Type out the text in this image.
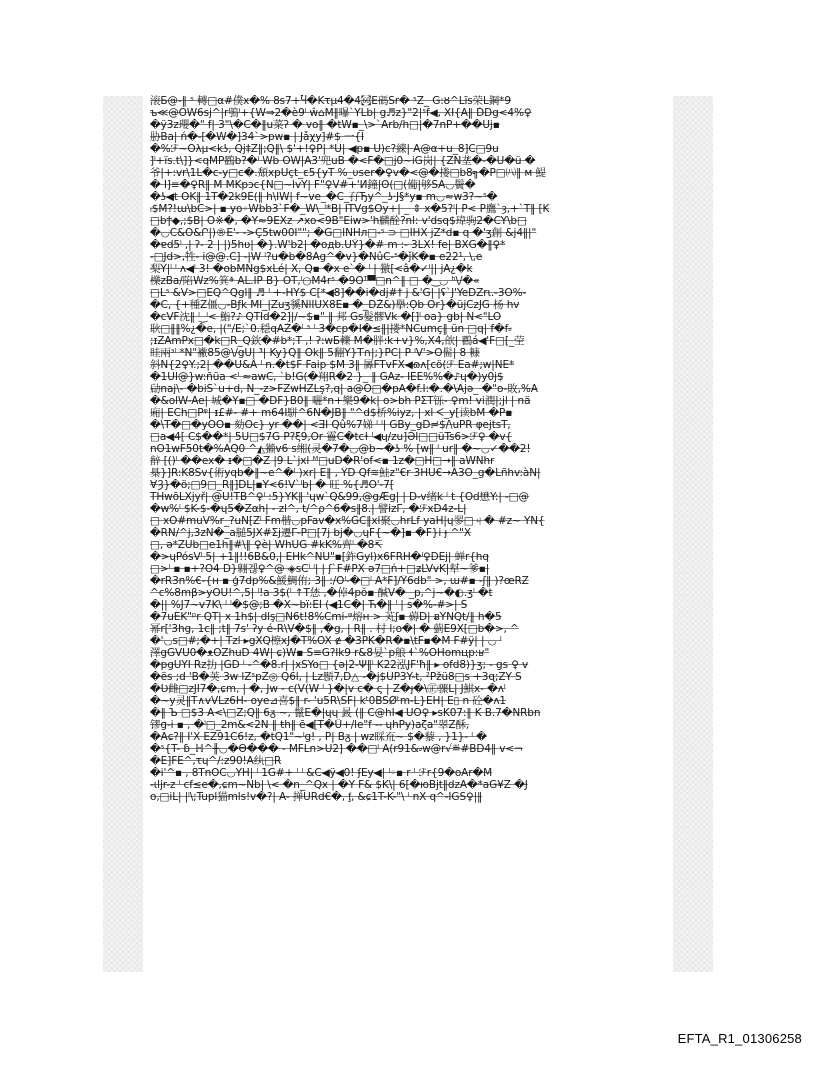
滚Б@-‖ ˢ 轉□α#僕x�% 8s7+Ⴏ�Kτμ4�4㉍E碼Sr� ˢZ_ G:ȣ^Lĩs荣L鋼*9
ъ≪@OW6sj^|r鴞ˡ+{W⇒2�è9ˡ ŵ⌂M‖曝`YLb| g♬z}"2|ˢf◀, XI{A‖ ĎDg<4%♀
�ÿ3z瓔�" f| 3"\�C�‖u菜ʔ � vo‖ �tW▪_\>`Arb/h□|�7nP+��Üj▪
胁Ba| ń�-[�W�]34`>pw▪ | Jåχy]#$ 一{I
�%ℱ~Ολμ<kʖ, Qj‡Z‖;Q‖\ $'+!♀P| *Ŭ| ◀p▪ U)c?練| A@α+u_8]C□9u
]ˡ+ïs.t\]}<qMP鸐b?�ˡ Wb OW|A3'兜uB �<F�□j0~iG岗| {ZN垄�-�U�ü �
爷|+:vr\1L�c-у□c�.頽xpUçt_ε5{yT %_υser�♀v�<@�搂□b8╗�P□㈧‖ м 鯷
� I]≡�♀R‖ M MKpɔc{N□~lvY| F"♀V#+'И鐘|ʘ(□(僃|够SA◡鬢�
�ʖ◀t OK‖ 1T�2k9Ё(‖ h\IW| f~ve_�C_孖Ђу^_ʖ·J§*y▪ m◡≈w3?~ˢ�
ᵢ$M?!ɯ\bC>| ▪ yo◦Wbb3`F�_W\_ˡ*B| ITVg$Oy+| _ ⇕ x�5?ˡ| P< P鷹`ȝ,+`T‖ [K
□bϯ◆,;$B| O※�, �Y≈9EXz ↗xo<9B"Eiw>'h麟酫?nl: v'dsq$瑋驹2�CY\b□
�◡C&O&Ր|)®E'- ->Ç5tw00I""; �G□INHл□-ˢ ⊃ □IHX jZ*d▪ q �'ʒ創 &j4‖|"
�ɐd5ˡ ,| ʔ- 2 | |)5hʋ| �}.W'b2| �oдb.UȲ}�# m :- 3LX! fe| BXG�‖♀*
-□Jd>,牲- i@@.C] -|W ˡ?u�b�8Ag^�v}�NûC-ˢ�ǰK�▪ e22¹, \,e
梨Ÿ|ˡ ˡ ʌ◀ˡ 3! �obMNg$xLé| X, Q▪ �x e`� ˡ | 獥[<â�✓ˡ|| jA¿�k
櫟zBa/陷Wz%箕ⱖ AL.IP B} OT,ˡ○M4rˢ �9Oᵀ▀□n^‖ □ � ͜ ◡ ʰ\/�«
□Lˢ &V>□EQ^Qgl‖ ♬ ˡ +-HY$ C[*◀8]��i�dj#† j &'G| |ʢ`J'YeDZrι.-3O%-
�C, {+種Z僵◡-Bƒk MI_|Zuʒ貕NlIUX8Ĕ▪ �_DŽ&)擧:Ọb Or}�üjCzJG 杨 hv
�cVF沈‖ ˡ ͜ ˡ< 鮨?♪ QTId�2]|/~$▪" ‖ 邦 Gs髮髎Vk �[]ˡ oa} gb| N<"LO
耿□‖‖%¿�e, |("/E;`0.穏qAŽ�ˡ ˢ ˡ 3�cp�I�≤‖|搂*NCumç‖ ün □q| f�f⸗
;ɪZAmPx□�k□R_Q欽�#b*;T ,! ʔ:wБ轢 M�胖:k+v}%,X4,欱| 鸐á◀'F□[_茔
眭兩ᶟˡ *N"襒85@\/gU| ³| Ky}Q‖ Ök‖ 5翻Y}T∩|;}PC| P ˡV'>O髷| 8 糠
斜N{2♀Y.;2| ��U&Â ˡ n.�t$F Faip $M 3‖ 羼FTvFX◀ɷʌ[cö(ℱ Ea#;w|NE*
�1UI@}w:ñũa <ˡ ≈awC, `b!G(�翔R�2 }_ ‖ G̃Az- IEE%%�♪ɥ�)y0j$
劶naj\- �biS`u+d, N_-z>FZwHZLş?,q| a@O□�pA�f.I:�.�\Ajǝ_ �"o-敗,%A
�&olW-Ae| 城�Y▪□ �DF}B0‖ 囇*n+樂9�k| o>bh PΣT铄- ♀m! vi潤|;jl | nä
廂| ECh□Pᵠ| ᵻ£#- #+ m6̃4I駢^6N�JB‖ "^d$桥%iyz, | xl ᐸ_y[读bM �P▪
�\T�□�yOO▪ 劾Oc} yr ��| <ƎI Qû%7娣 ˡ ˡ| GBy_gD≓$/\uPR φejtsT,
□a◀4[ C$��*| 5U□$7G P?ξ9,Or 霻C�tcɫ ˡ◀ɥ/zu]ƏI□□üTs6>ℱ♀ �v{
nO1wF50t�%AQ0 ^◭獺v6 ѕ缃(灵�7�◡@b~�ʖ % [w‖ ˡ ur‖ �~◡✓��2!
辪 [()ˡ ��ex� ᵻ�□�Z |9 L`jxl ᴹ□uD�R'of<▪ 1z�□H□→‖ aWNhr
㮂}]R:K8Sv{術yqb�‖~e^�ˡ )xr| E‖ , ŶD Qf≋鮭z"€r 3HÛ€→Ä3O_g�Lñhv:àN|
ⱯȜ}�ö;□9□_R‖]DL|▪Y<6!V`ˡb| � 旺 %{♬O'-7[
THwōLXjyř| @U!TB^♀ˡ :5}YK‖ 'ɥw`Q&99,@gÆg| | D-v绪k ˡ t {Od懋Y:| -□@
�w%ˡ $K-$-�ɥ5�Zαh| - zl^, t/^ρ^6�s‖8.| 譬izΓ, �ℱxD4z-L|
□ xO#muV%r_?uN[Zˡ Fm楷◡pFav�x%ĜC‖xl聚◡hrLf yaH|ɥ翏□ㄐ� #z~ YN{
�RN/^j,3zN�_a膇5JX#Σj遷Γ-P□[7j bj�◡ɥF{~�]▪ �F}i ɟ ^"X
□, ə*ZUb□e1h‖#\‖ ♀è| WhÜG #kK%齊ˡ �8↸
�>ɥPósVˡ 5| +1‖!!6B&0,| ĒHk^NU"▪[鈼Gyl)x6FRH�ˡ♀DEj| 蝉r{hq
□>ˡ ▪ ▪+?O4 D}翺겒♀^@ ◈sCˡ ˡ| | ʃ`F#PX ə7□ń+□ʑLVvK|犎~爹▪|
�rR3n%€-{н ▪ ģ7dp%&鰀鯛侑; 3‖ :/Oˡ-�□ˡ A*F]/Ŷ6db" >, ɯ#▪ -ʃ‖ )?œRZ
^c%8mβ>yOU!^,5| ˡ!a 3$(ˡ ↑T恷 ,�倬4pŏ▪ 醎V� _p,^j~�◐.ʒˡ �t
�|| %J7~v7K\ ˡ ˡ�$@;B �X~bï:Eİ (◀1C�| Ћ�‖ ˡ | s�%-#>| S
�7uEK"ᵖr QT| x 1h$| dlş□N6t!8%Cmi-ᵠ熔ʜ > 芄ʃ▪ 薅D| ᴃYNQt/‖ h�5
幂r['3hg, 1c‖ ;t‖ 7s' ʔy é-R\V�$‖ ,�g, | R‖ . 村 l;o�| � 藰E9X[□b�>, ^
�'◡s□#;�+| Tzl ▸gXQ檫xJ�T%OX ɇ �3PK�R�▪\tF▪�M F#ÿ| | ◡ ˡ
澤gGVU0�ᴥOZhuD 4W| ɕ)W▪ Ś≡G?Ik9 r&8妟`p艆 ɬ`%ÕHomцр:ʁ"
�pgUYI Rz扐 |ĞD ˡ -^�8.r| |xSYo□ {ə|2-Ψ‖ˡ K22泓JF'ħ‖ ▸ ofd8)}ʒ; - gs ♀ v
�ës ;d 'B�荚 3w lZˢpZ◎ Q6l, | Lz顋7,D△ -�j$ÜP3Ÿ-t, ²Pžü8□s +3ɋ;ZY S
�Ʋ雌□zJI7�,ɕm, | �, Jw - c(V(W ˡ }�|v c� ς | Z�ɟ�\㊣骤L| J鯕x- �ʌˡ
�~y灵‖T∧vVLz6H- oye⊿喜$‖ r- 'u5R\SF| kᵗ0BSǾᵗm-L}EH| E▯ n 砼�ʌ1
�‖ Ъ □$3 A<\□Z;Q‖ 6ᵹ ~, 鬣E�|ɥɥ 晸 (‖ C@hI◀ UO♀ ▸sK07:‖ K B.7�NRbn
镠ɡ-i ▪ , �ˡ□_2m&<2N ‖ ŧh‖ ē◀[Ŧ�Ǖ+/le"f -- ɥhPy)aζa"翠Z酥,
�Aɕ?‖ I'X EZ91C6!z, �tQ1"~ˡg! , P| Bᵹ | wz睬㐬~ $�藜 , }1}- ˡ �
�ˢ{T- ɓ_ℍ^╫◡�Ө��� - MFLn>U2] ��□ˡ A(r91&⸗w@r√≝#BD4‖ v<¬
�E]FE^,τɥ^/:z90!A纨□R
�i'^▪ , 8ΤnOC◡YH| ˡ 1G#+ ˡ ˡ &C◀ÿ◀0! ʄEy◀| ˡ◦▪ r ˡ ℱr{9�oAr�M
-ɩljr-z ˡ cf≤e�,ɕm~Nb| \< �n_^Qx | �Y F& $K\| 6[�юBjt‖dzA�*aG¥Z �J
o,□iL| |ˡ\;Tupl猫mls!v�?| A- 掸ÜRd€�, ᶂ, &ɕ1T-K-"\ ˡ nX q^-IGS♀|‖
EFTA_R1_01306258
